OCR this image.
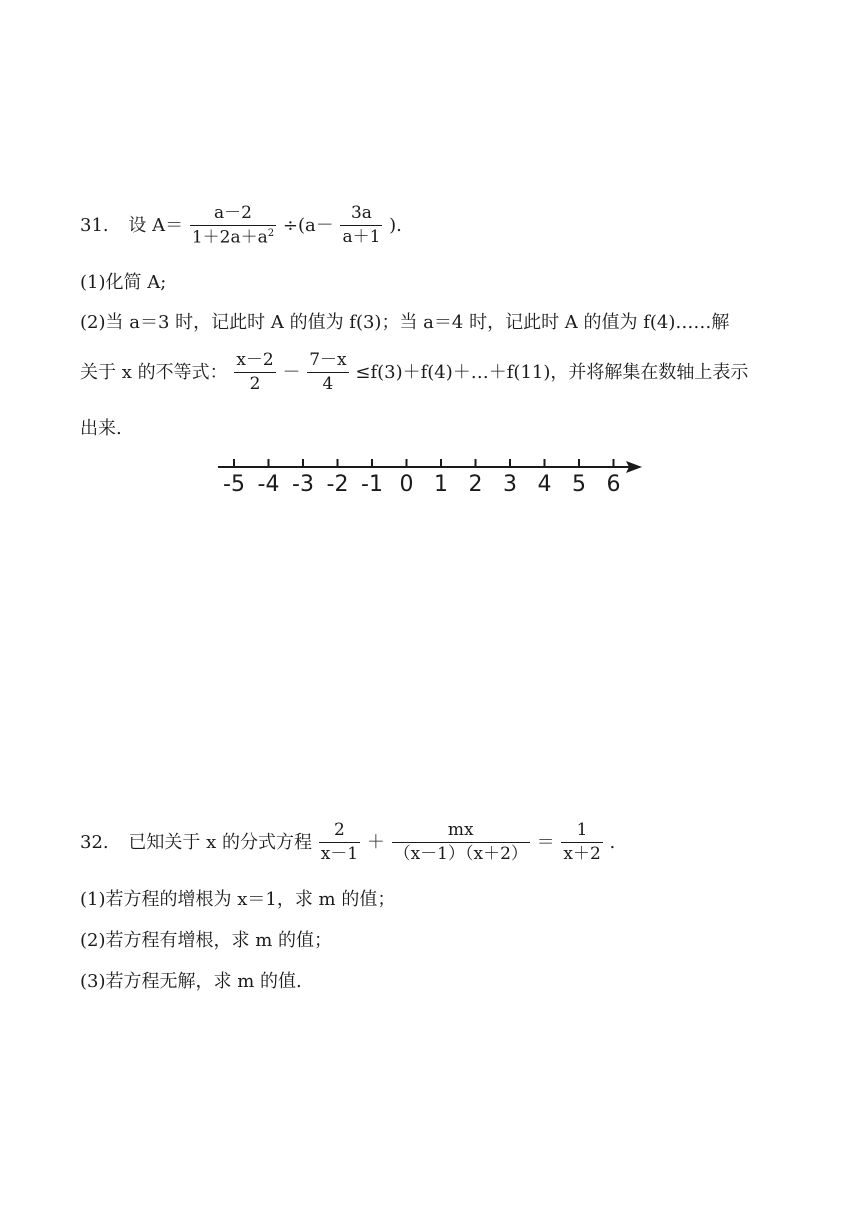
31. 设 $A= \frac{a-2}{1+2a+a^2} \div(a- \frac{3a}{a+1}$ ).
(1)化简 A;
(2)当 a＝3 时，记此时 A 的值为 f(3)；当 a＝4 时，记此时 A 的值为 f(4)……解
关于 x 的不等式： $\frac{x-2}{2} - \frac{7-x}{4}$ ≤f(3)＋f(4)＋…＋f(11)，并将解集在数轴上表示
出来.
-5 -4 -3 -2 -1 0 1 2 3 4 5 6
32. 已知关于 x 的分式方程 $\frac{2}{x-1} + \frac{mx}{(x-1)(x+2)} = \frac{1}{x+2}$ .
(1)若方程的增根为 x＝1，求 m 的值；
(2)若方程有增根，求 m 的值；
(3)若方程无解，求 m 的值.
